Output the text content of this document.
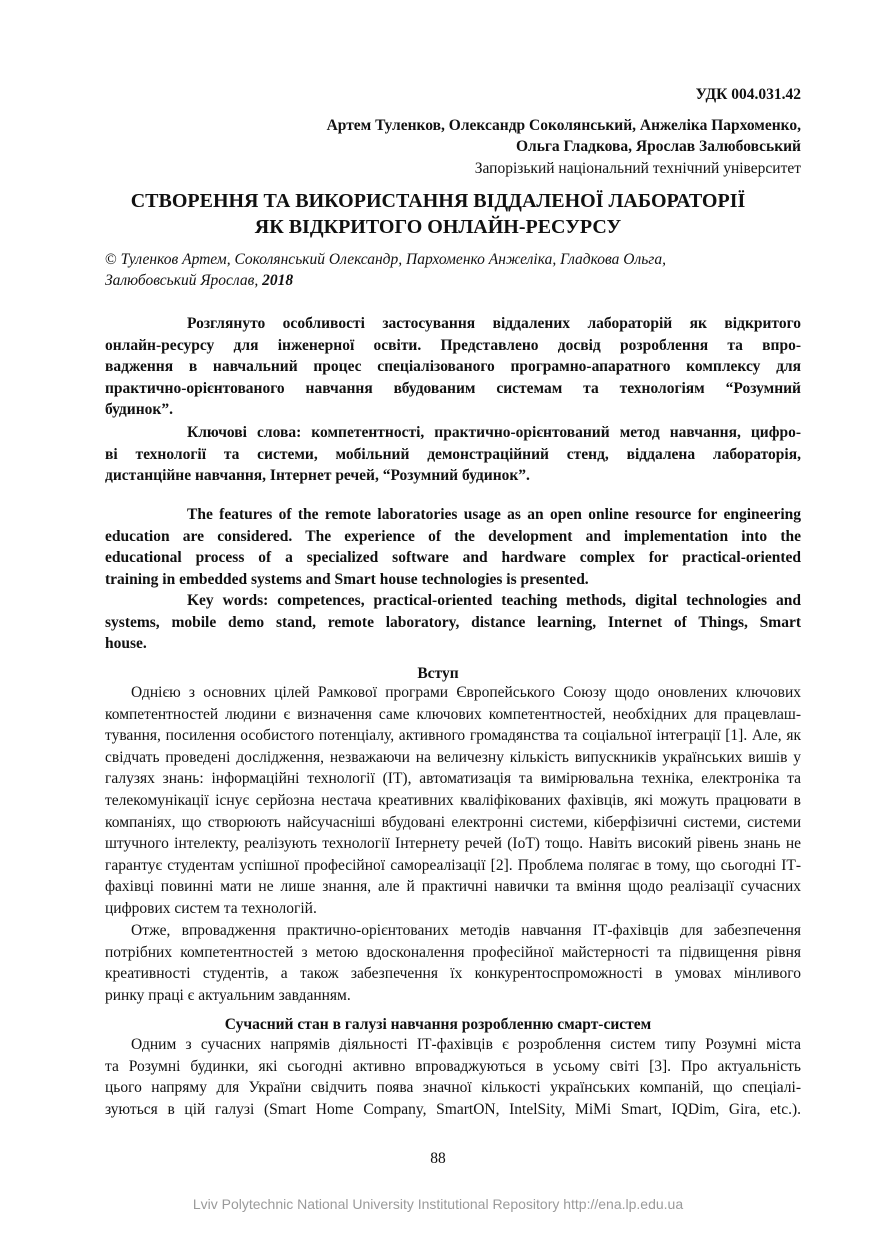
УДК 004.031.42
Артем Туленков, Олександр Соколянський, Анжеліка Пархоменко,
Ольга Гладкова, Ярослав Залюбовський
Запорізький національний технічний університет
СТВОРЕННЯ ТА ВИКОРИСТАННЯ ВІДДАЛЕНОЇ ЛАБОРАТОРІЇ
ЯК ВІДКРИТОГО ОНЛАЙН-РЕСУРСУ
© Туленков Артем, Соколянський Олександр, Пархоменко Анжеліка, Гладкова Ольга,
Залюбовський Ярослав, 2018
Розглянуто особливості застосування віддалених лабораторій як відкритого
онлайн-ресурсу для інженерної освіти. Представлено досвід розроблення та впро-
вадження в навчальний процес спеціалізованого програмно-апаратного комплексу для
практично-орієнтованого навчання вбудованим системам та технологіям “Розумний
будинок”.
Ключові слова: компетентності, практично-орієнтований метод навчання, цифро-
ві технології та системи, мобільний демонстраційний стенд, віддалена лабораторія,
дистанційне навчання, Інтернет речей, “Розумний будинок”.
The features of the remote laboratories usage as an open online resource for engineering
education are considered. The experience of the development and implementation into the
educational process of a specialized software and hardware complex for practical-oriented
training in embedded systems and Smart house technologies is presented.
Key words: competences, practical-oriented teaching methods, digital technologies and
systems, mobile demo stand, remote laboratory, distance learning, Internet of Things, Smart
house.
Вступ
Однією з основних цілей Рамкової програми Європейського Союзу щодо оновлених ключових
компетентностей людини є визначення саме ключових компетентностей, необхідних для працевлаш-
тування, посилення особистого потенціалу, активного громадянства та соціальної інтеграції [1]. Але, як
свідчать проведені дослідження, незважаючи на величезну кількість випускників українських вишів у
галузях знань: інформаційні технології (ІТ), автоматизація та вимірювальна техніка, електроніка та
телекомунікації існує серйозна нестача креативних кваліфікованих фахівців, які можуть працювати в
компаніях, що створюють найсучасніші вбудовані електронні системи, кіберфізичні системи, системи
штучного інтелекту, реалізують технології Інтернету речей (IoT) тощо. Навіть високий рівень знань не
гарантує студентам успішної професійної самореалізації [2]. Проблема полягає в тому, що сьогодні ІТ-
фахівці повинні мати не лише знання, але й практичні навички та вміння щодо реалізації сучасних
цифрових систем та технологій.
Отже, впровадження практично-орієнтованих методів навчання ІТ-фахівців для забезпечення
потрібних компетентностей з метою вдосконалення професійної майстерності та підвищення рівня
креативності студентів, а також забезпечення їх конкурентоспроможності в умовах мінливого
ринку праці є актуальним завданням.
Сучасний стан в галузі навчання розробленню смарт-систем
Одним з сучасних напрямів діяльності ІТ-фахівців є розроблення систем типу Розумні міста
та Розумні будинки, які сьогодні активно впроваджуються в усьому світі [3]. Про актуальність
цього напряму для України свідчить поява значної кількості українських компаній, що спеціалі-
зуються в цій галузі (Smart Home Company, SmartON, IntelSity, MiMi Smart, IQDim, Gira, etc.).
88
Lviv Polytechnic National University Institutional Repository http://ena.lp.edu.ua
